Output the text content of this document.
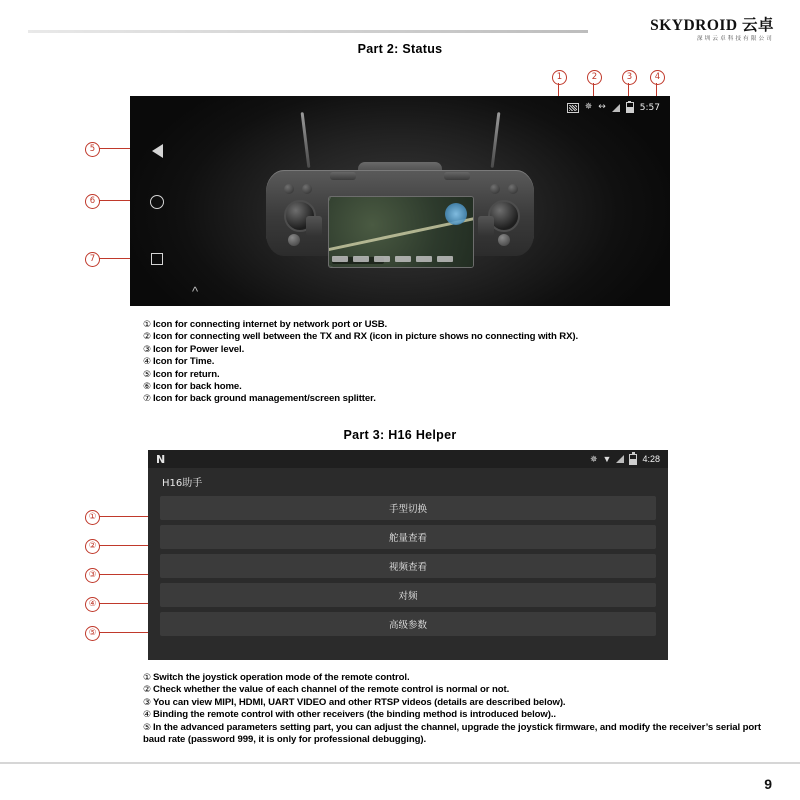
SKYDROID 云卓
深圳云卓科技有限公司
Part 2: Status
1	2	3	4
5
6
7
✵ ↔	5:57
^
① Icon for connecting internet by network port or USB.
② Icon for connecting well between the TX and RX (icon in picture shows no connecting with RX).
③ Icon for Power level.
④ Icon for Time.
⑤ Icon for return.
⑥ Icon for back home.
⑦ Icon for back ground management/screen splitter.
Part 3: H16 Helper
①
②
③
④
⑤
N	✵ ▼	4:28
H16助手
手型切换
舵量查看
视频查看
对频
高级参数
① Switch the joystick operation mode of the remote control.
② Check whether the value of each channel of the remote control is normal or not.
③ You can view MIPI, HDMI, UART VIDEO and other RTSP videos (details are described below).
④ Binding the remote control with other receivers (the binding method is introduced below)..
⑤ In the advanced parameters setting part, you can adjust the channel, upgrade the joystick firmware, and modify the receiver’s serial port baud rate (password 999, it is only for professional debugging).
9
